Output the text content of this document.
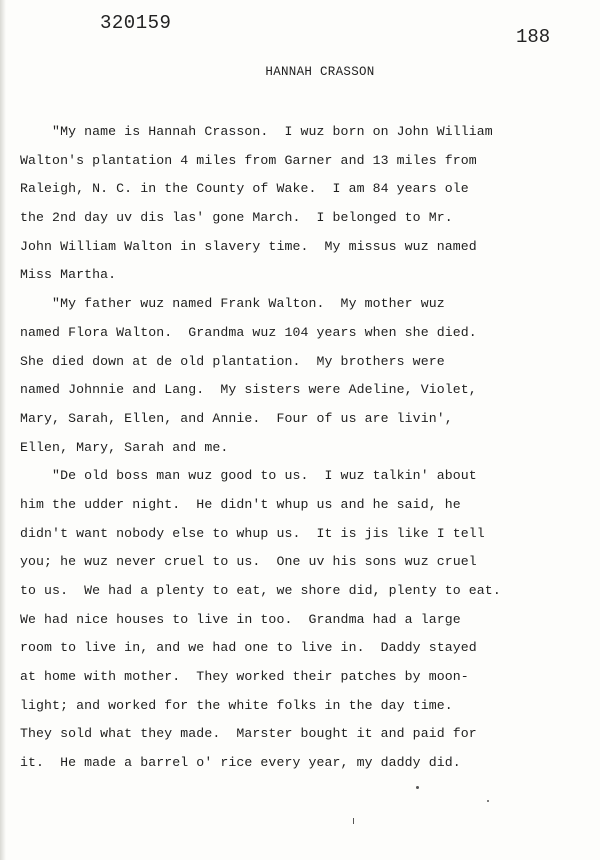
320159
188
HANNAH CRASSON
"My name is Hannah Crasson.  I wuz born on John William
Walton's plantation 4 miles from Garner and 13 miles from
Raleigh, N. C. in the County of Wake.  I am 84 years ole
the 2nd day uv dis las' gone March.  I belonged to Mr.
John William Walton in slavery time.  My missus wuz named
Miss Martha.
"My father wuz named Frank Walton.  My mother wuz
named Flora Walton.  Grandma wuz 104 years when she died.
She died down at de old plantation.  My brothers were
named Johnnie and Lang.  My sisters were Adeline, Violet,
Mary, Sarah, Ellen, and Annie.  Four of us are livin',
Ellen, Mary, Sarah and me.
"De old boss man wuz good to us.  I wuz talkin' about
him the udder night.  He didn't whup us and he said, he
didn't want nobody else to whup us.  It is jis like I tell
you; he wuz never cruel to us.  One uv his sons wuz cruel
to us.  We had a plenty to eat, we shore did, plenty to eat.
We had nice houses to live in too.  Grandma had a large
room to live in, and we had one to live in.  Daddy stayed
at home with mother.  They worked their patches by moon-
light; and worked for the white folks in the day time.
They sold what they made.  Marster bought it and paid for
it.  He made a barrel o' rice every year, my daddy did.
